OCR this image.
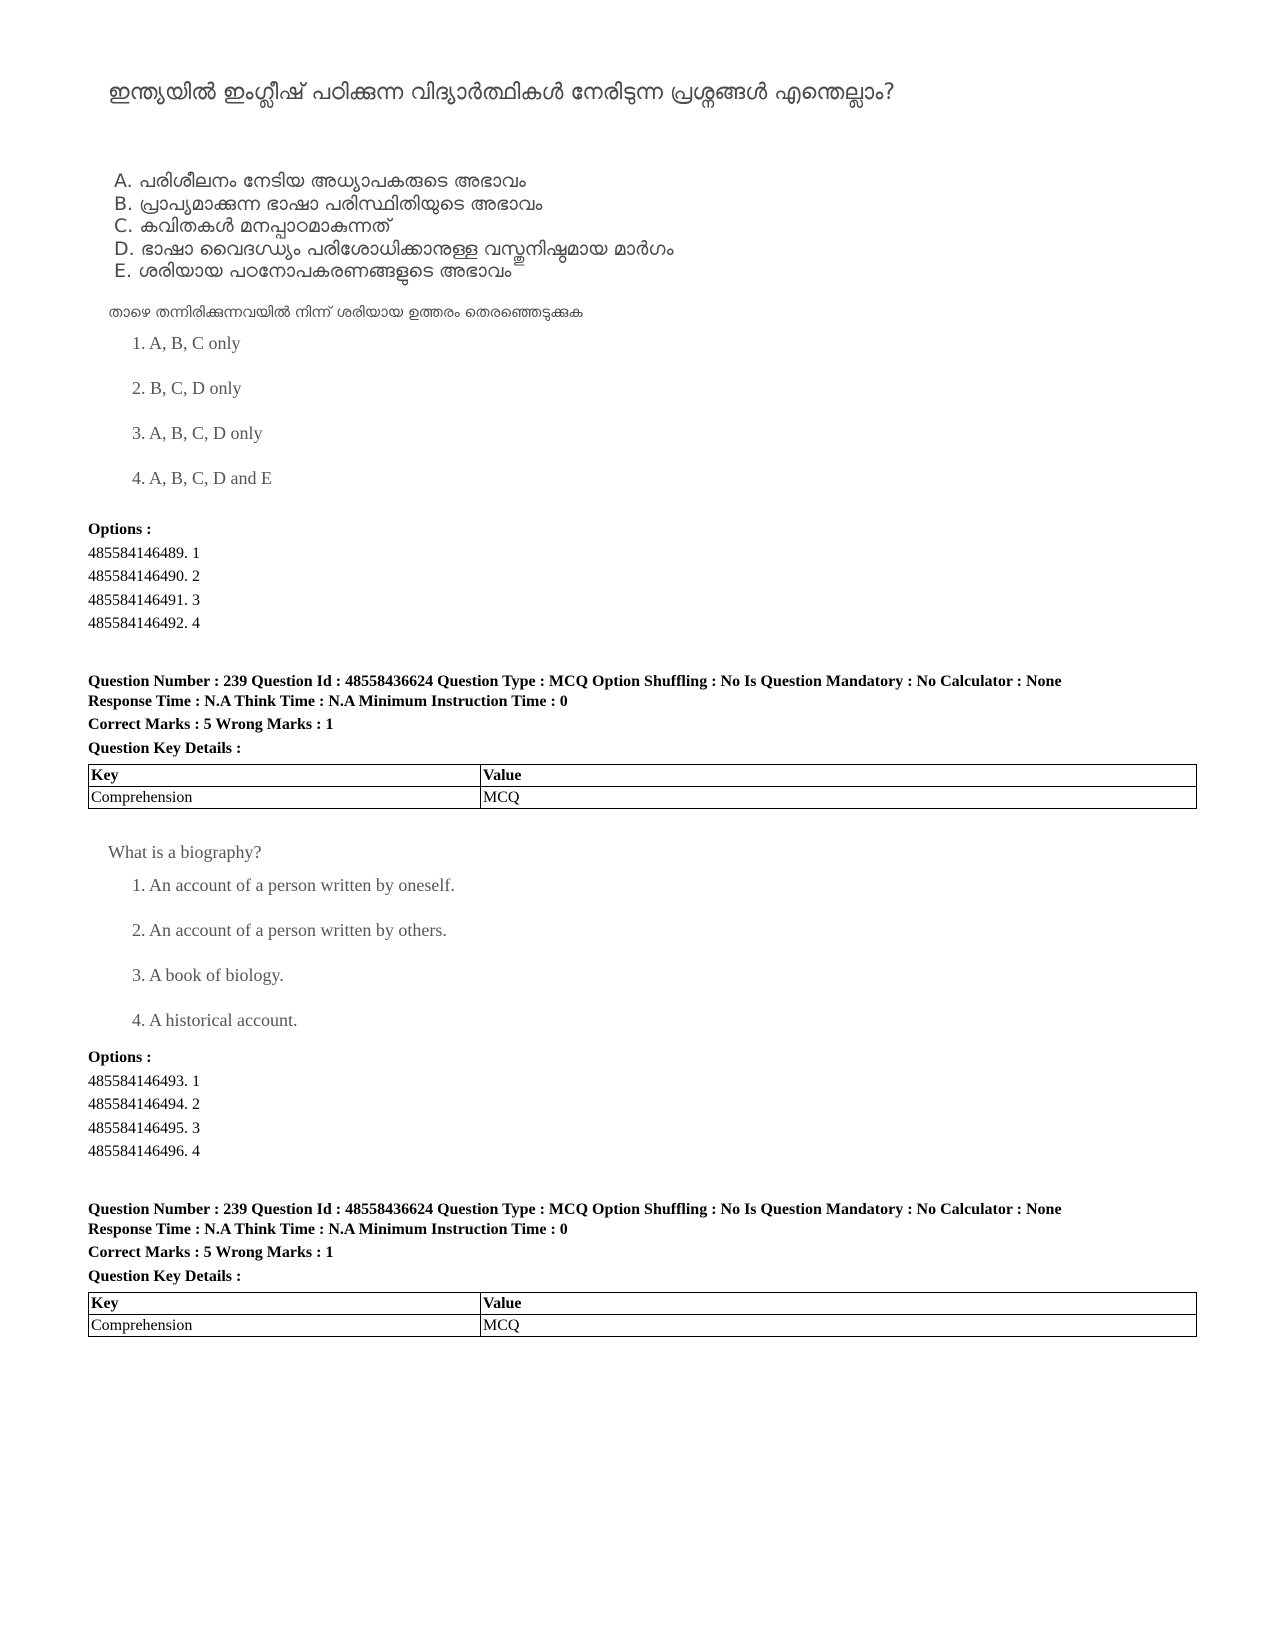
ഇന്ത്യയിൽ ഇംഗ്ലീഷ് പഠിക്കുന്ന വിദ്യാർത്ഥികൾ നേരിടുന്ന പ്രശ്നങ്ങൾ എന്തെല്ലാം?
A. പരിശീലനം നേടിയ അധ്യാപകരുടെ അഭാവം
B. പ്രാപ്യമാക്കുന്ന ഭാഷാ പരിസ്ഥിതിയുടെ അഭാവം
C. കവിതകൾ മനപ്പാഠമാകുന്നത്
D. ഭാഷാ വൈദഗ്ധ്യം പരിശോധിക്കാനുള്ള വസ്തുനിഷ്ഠമായ മാർഗം
E. ശരിയായ പഠനോപകരണങ്ങളുടെ അഭാവം
താഴെ തന്നിരിക്കുന്നവയിൽ നിന്ന് ശരിയായ ഉത്തരം തെരഞ്ഞെടുക്കുക
1. A, B, C only
2. B, C, D only
3. A, B, C, D only
4. A, B, C, D and E
Options :
485584146489. 1
485584146490. 2
485584146491. 3
485584146492. 4
Question Number : 239 Question Id : 48558436624 Question Type : MCQ Option Shuffling : No Is Question Mandatory : No Calculator : None
Response Time : N.A Think Time : N.A Minimum Instruction Time : 0
Correct Marks : 5 Wrong Marks : 1
Question Key Details :
Key	Value
Comprehension	MCQ
What is a biography?
1. An account of a person written by oneself.
2. An account of a person written by others.
3. A book of biology.
4. A historical account.
Options :
485584146493. 1
485584146494. 2
485584146495. 3
485584146496. 4
Question Number : 239 Question Id : 48558436624 Question Type : MCQ Option Shuffling : No Is Question Mandatory : No Calculator : None
Response Time : N.A Think Time : N.A Minimum Instruction Time : 0
Correct Marks : 5 Wrong Marks : 1
Question Key Details :
Key	Value
Comprehension	MCQ
